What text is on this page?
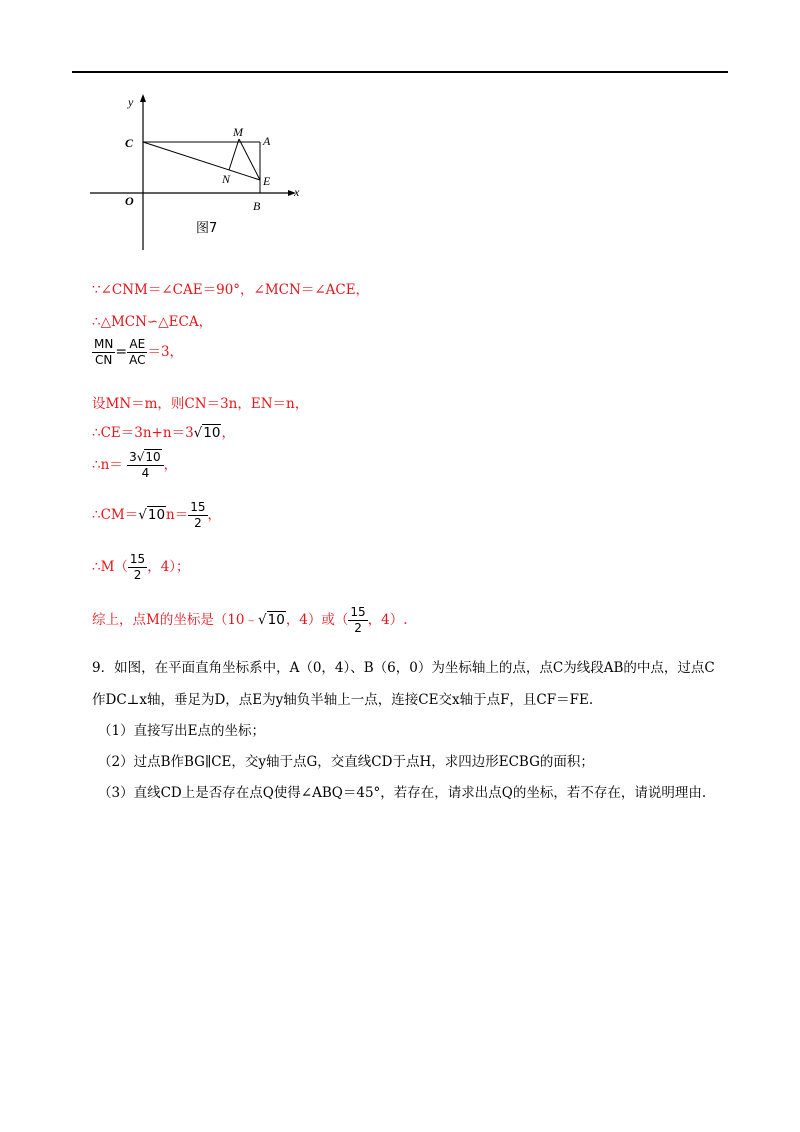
y
x
C
O
M
A
N	E
B
图7
∵∠CNM＝∠CAE＝90°，∠MCN＝∠ACE，
∴△MCN∽△ECA，
$\frac{MN}{CN} = \frac{AE}{AC} =3$，
设MN＝m，则CN＝3n，EN＝n，
∴CE＝3n+n＝3√10，
∴n＝ $\frac{3√10}{4}$ ，
∴CM＝√10n＝ $\frac{15}{2}$ ，
∴M（ $\frac{15}{2}$ ，4）；
综上，点M的坐标是（10﹣√10，4）或（ $\frac{15}{2}$ ，4）.
9．如图，在平面直角坐标系中，A（0，4）、B（6，0）为坐标轴上的点，点C为线段AB的中点，过点C
作DC⊥x轴，垂足为D，点E为y轴负半轴上一点，连接CE交x轴于点F，且CF＝FE.
（1）直接写出E点的坐标；
（2）过点B作BG∥CE，交y轴于点G，交直线CD于点H，求四边形ECBG的面积；
（3）直线CD上是否存在点Q使得∠ABQ＝45°，若存在，请求出点Q的坐标，若不存在，请说明理由.
